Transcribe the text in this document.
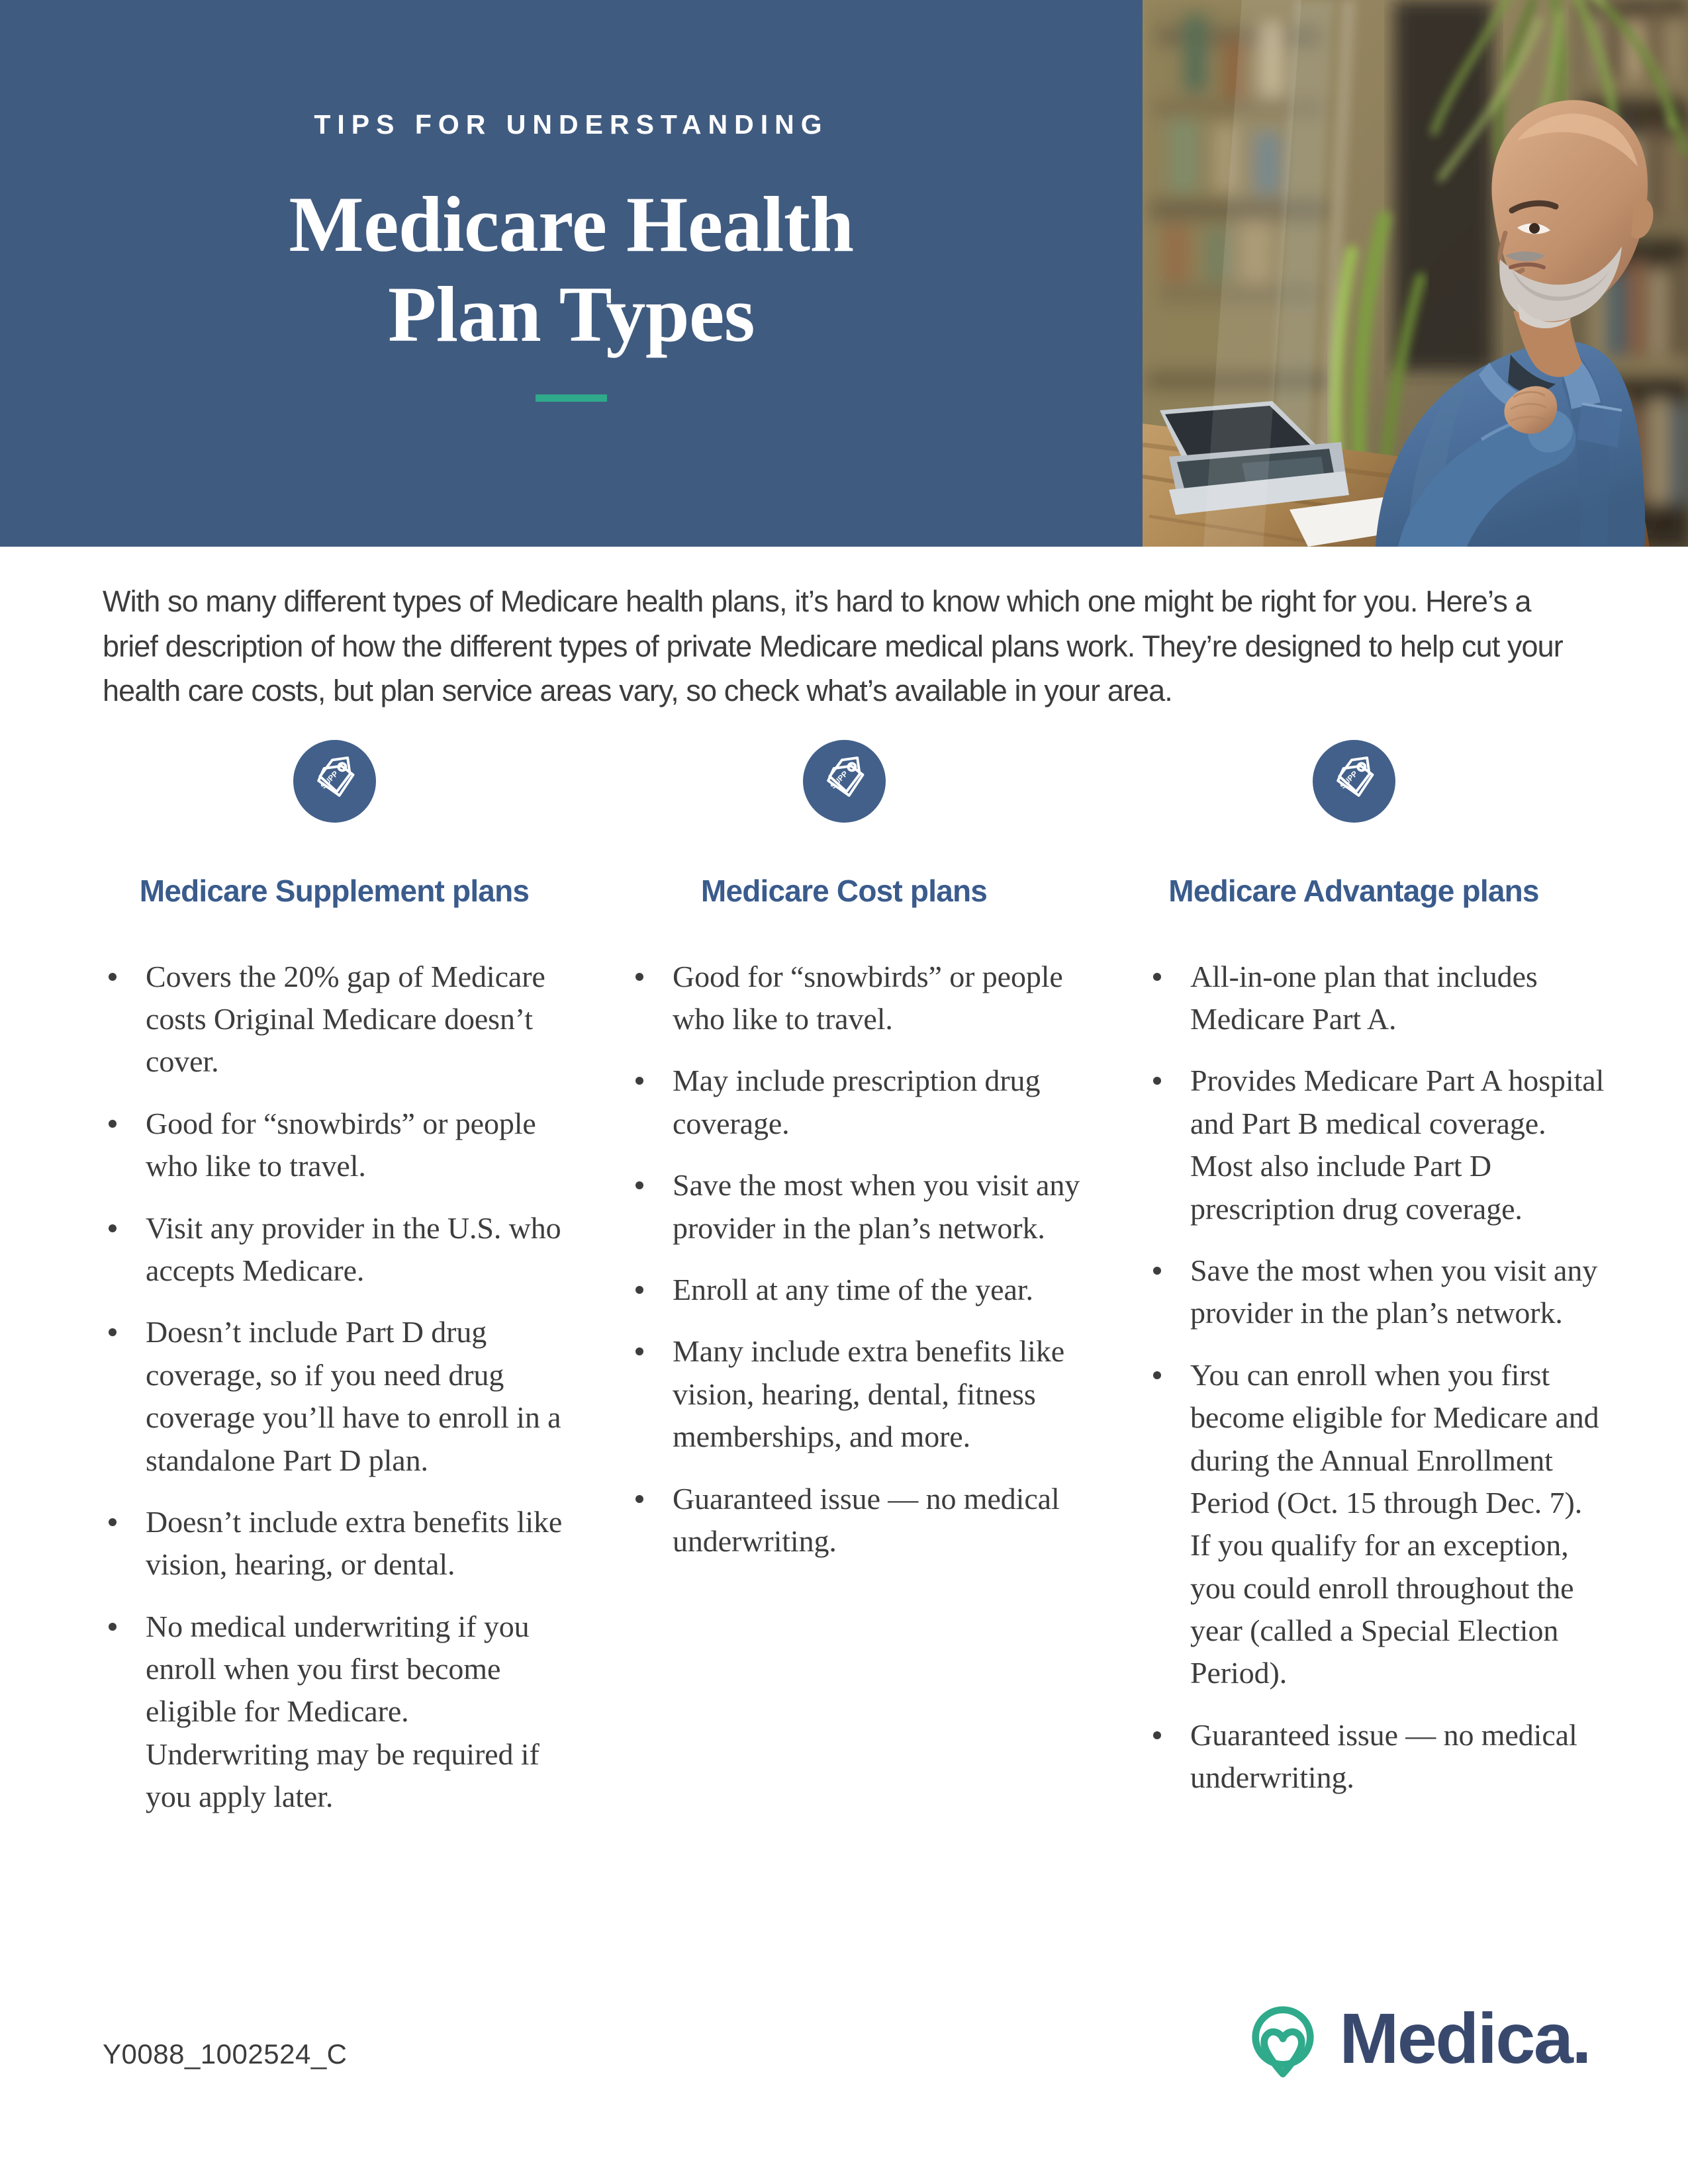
TIPS FOR UNDERSTANDING
Medicare Health
Plan Types

With so many different types of Medicare health plans, it’s hard to know which one might be right for you. Here’s a brief description of how the different types of private Medicare medical plans work. They’re designed to help cut your health care costs, but plan service areas vary, so check what’s available in your area.

SUPP
Medicare Supplement plans
Covers the 20% gap of Medicare costs Original Medicare doesn’t cover.
Good for “snowbirds” or people who like to travel.
Visit any provider in the U.S. who accepts Medicare.
Doesn’t include Part D drug coverage, so if you need drug coverage you’ll have to enroll in a standalone Part D plan.
Doesn’t include extra benefits like vision, hearing, or dental.
No medical underwriting if you enroll when you first become eligible for Medicare. Underwriting may be required if you apply later.
SUPP
Medicare Cost plans
Good for “snowbirds” or people who like to travel.
May include prescription drug coverage.
Save the most when you visit any provider in the plan’s network.
Enroll at any time of the year.
Many include extra benefits like vision, hearing, dental, fitness memberships, and more.
Guaranteed issue — no medical underwriting.
SUPP
Medicare Advantage plans
All-in-one plan that includes Medicare Part A.
Provides Medicare Part A hospital and Part B medical coverage. Most also include Part D prescription drug coverage.
Save the most when you visit any provider in the plan’s network.
You can enroll when you first become eligible for Medicare and during the Annual Enrollment Period (Oct. 15 through Dec. 7). If you qualify for an exception, you could enroll throughout the year (called a Special Election Period).
Guaranteed issue — no medical underwriting.
Y0088_1002524_C	Medica.
